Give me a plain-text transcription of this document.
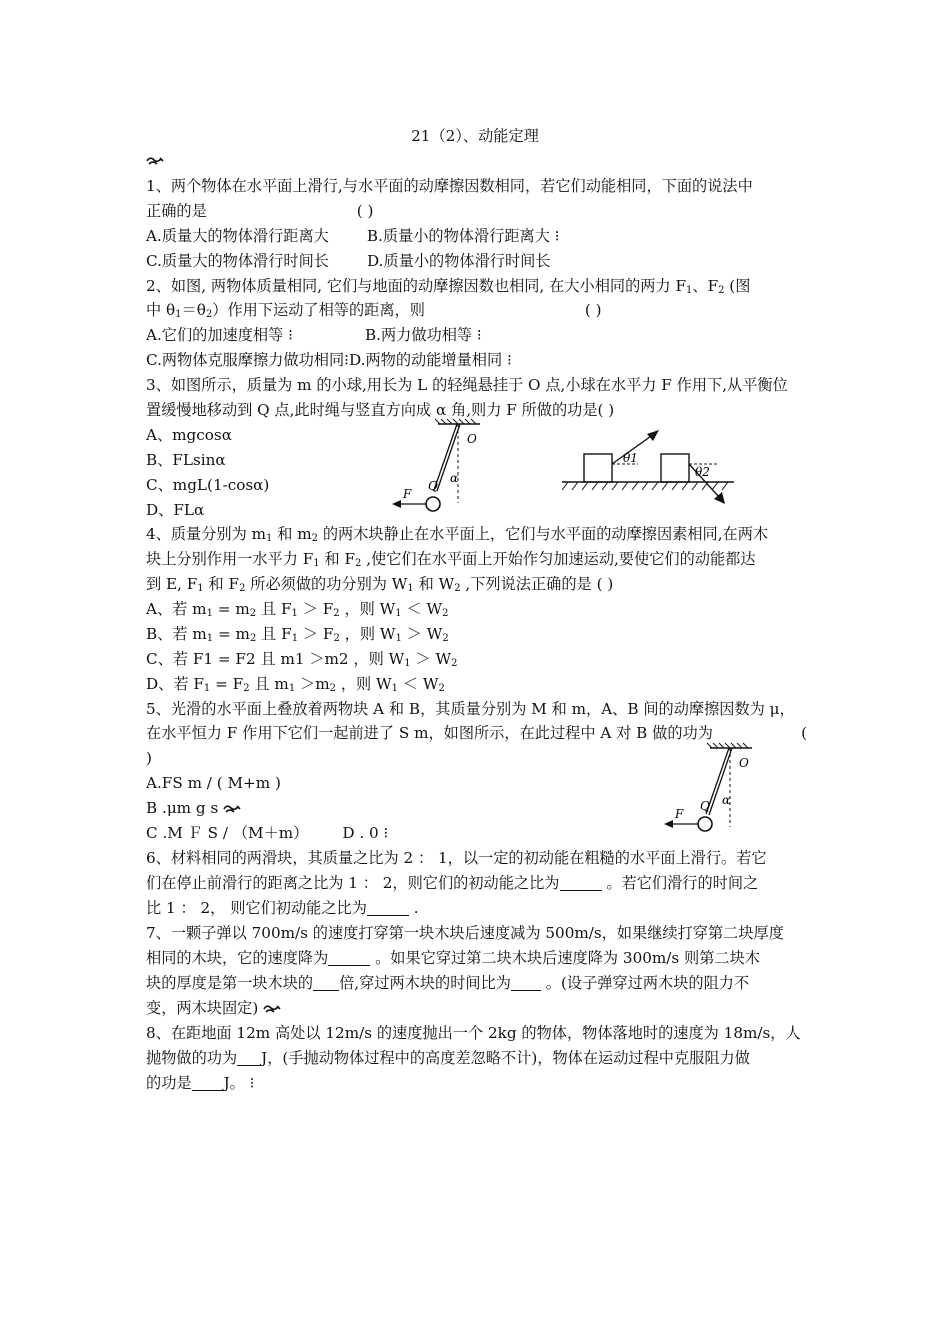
21（2）、动能定理
1、两个物体在水平面上滑行,与水平面的动摩擦因数相同，若它们动能相同，下面的说法中
正确的是	( )
A.质量大的物体滑行距离大	B.质量小的物体滑行距离大 ⁝
C.质量大的物体滑行时间长	D.质量小的物体滑行时间长
2、如图, 两物体质量相同, 它们与地面的动摩擦因数也相同, 在大小相同的两力 $F_1$、$F_2$ (图
中 $\theta_1=\theta_2$）作用下运动了相等的距离，则	( )
A.它们的加速度相等 ⁝	B.两力做功相等 ⁝
C.两物体克服摩擦力做功相同⁝D.两物的动能增量相同 ⁝
3、如图所示，质量为 m 的小球,用长为 L 的轻绳悬挂于 O 点,小球在水平力 F 作用下,从平衡位
置缓慢地移动到 Q 点,此时绳与竖直方向成 α 角,则力 F 所做的功是( )
A、mgcosα
B、FLsinα
C、mgL(1-cosα)
D、FLα
F
Q
O
α
θ1
θ2
4、质量分别为 $m_1$ 和 $m_2$ 的两木块静止在水平面上，它们与水平面的动摩擦因素相同,在两木
块上分别作用一水平力 $F_1$ 和 $F_2$ ,使它们在水平面上开始作匀加速运动,要使它们的动能都达
到 E, $F_1$ 和 $F_2$ 所必须做的功分别为 $W_1$ 和 $W_2$ ,下列说法正确的是 ( )
A、若 $m_1 = m_2$ 且 $F_1 > F_2$ ，则 $W_1 < W_2$
B、若 $m_1 = m_2$ 且 $F_1 > F_2$ ，则 $W_1 > W_2$
C、若 F1 = F2 且 m1 ＞m2 ，则 $W_1 > W_2$
D、若 $F_1 = F_2$ 且 $m_1 >m_2$ ，则 $W_1 < W_2$
5、光滑的水平面上叠放着两物块 A 和 B，其质量分别为 M 和 m，A、B 间的动摩擦因数为 μ，
在水平恒力 F 作用下它们一起前进了 S m，如图所示，在此过程中 A 对 B 做的功为	(
)
A.FS m / ( M+m )
B .μm g s
C .M Ｆ S / （M＋m） D . 0 ⁝
F
Q
O
α
6、材料相同的两滑块，其质量之比为 2 ： 1，以一定的初动能在粗糙的水平面上滑行。若它
们在停止前滑行的距离之比为 1 ： 2，则它们的初动能之比为	。若它们滑行的时间之
比 1 ： 2， 则它们初动能之比为	.
7、一颗子弹以 700m/s 的速度打穿第一块木块后速度减为 500m/s，如果继续打穿第二块厚度
相同的木块，它的速度降为	。如果它穿过第二块木块后速度降为 300m/s 则第二块木
块的厚度是第一块木块的 倍,穿过两木块的时间比为 。(设子弹穿过两木块的阻力不
变，两木块固定)
8、在距地面 12m 高处以 12m/s 的速度抛出一个 2kg 的物体，物体落地时的速度为 18m/s，人
抛物做的功为 J，(手抛动物体过程中的高度差忽略不计)，物体在运动过程中克服阻力做
的功是 J。 ⁝
